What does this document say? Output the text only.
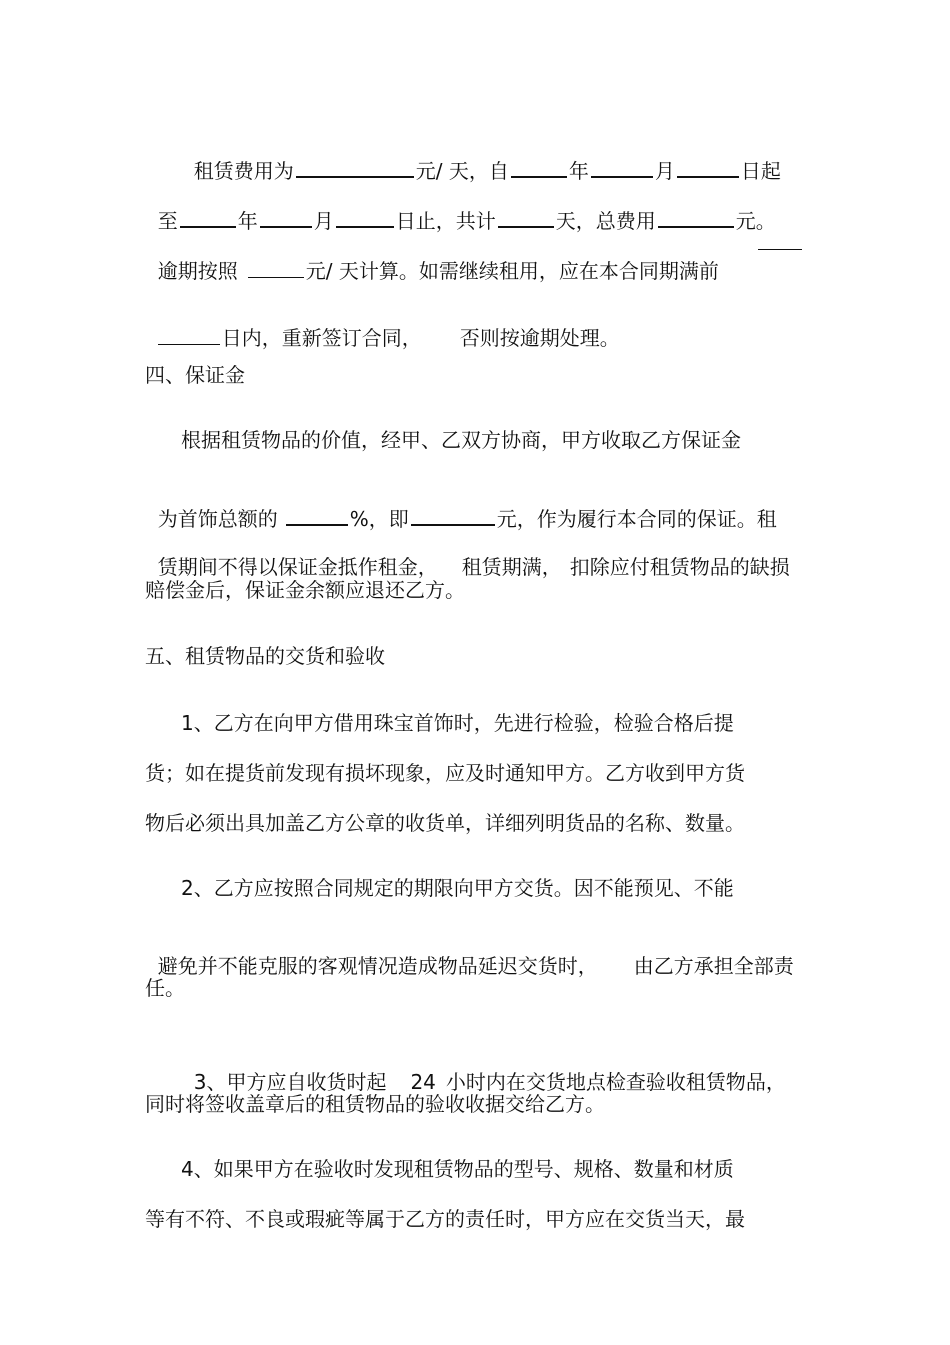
租赁费用为	元/ 天，自	年	月	日起

至	年	月	日止，共计	天，总费用	元。

逾期按照	元/ 天计算。如需继续租用，应在本合同期满前

日内，重新签订合同， 否则按逾期处理。

四、保证金
根据租赁物品的价值，经甲、乙双方协商，甲方收取乙方保证金

为首饰总额的	%，即	元，作为履行本合同的保证。租

赁期间不得以保证金抵作租金， 租赁期满， 扣除应付租赁物品的缺损

赔偿金后，保证金余额应退还乙方。
五、租赁物品的交货和验收
1、乙方在向甲方借用珠宝首饰时，先进行检验，检验合格后提
货；如在提货前发现有损坏现象，应及时通知甲方。乙方收到甲方货
物后必须出具加盖乙方公章的收货单，详细列明货品的名称、数量。
2、乙方应按照合同规定的期限向甲方交货。因不能预见、不能

避免并不能克服的客观情况造成物品延迟交货时， 由乙方承担全部责

任。

3、甲方应自收货时起 24 小时内在交货地点检查验收租赁物品，

同时将签收盖章后的租赁物品的验收收据交给乙方。
4、如果甲方在验收时发现租赁物品的型号、规格、数量和材质
等有不符、不良或瑕疵等属于乙方的责任时，甲方应在交货当天，最
